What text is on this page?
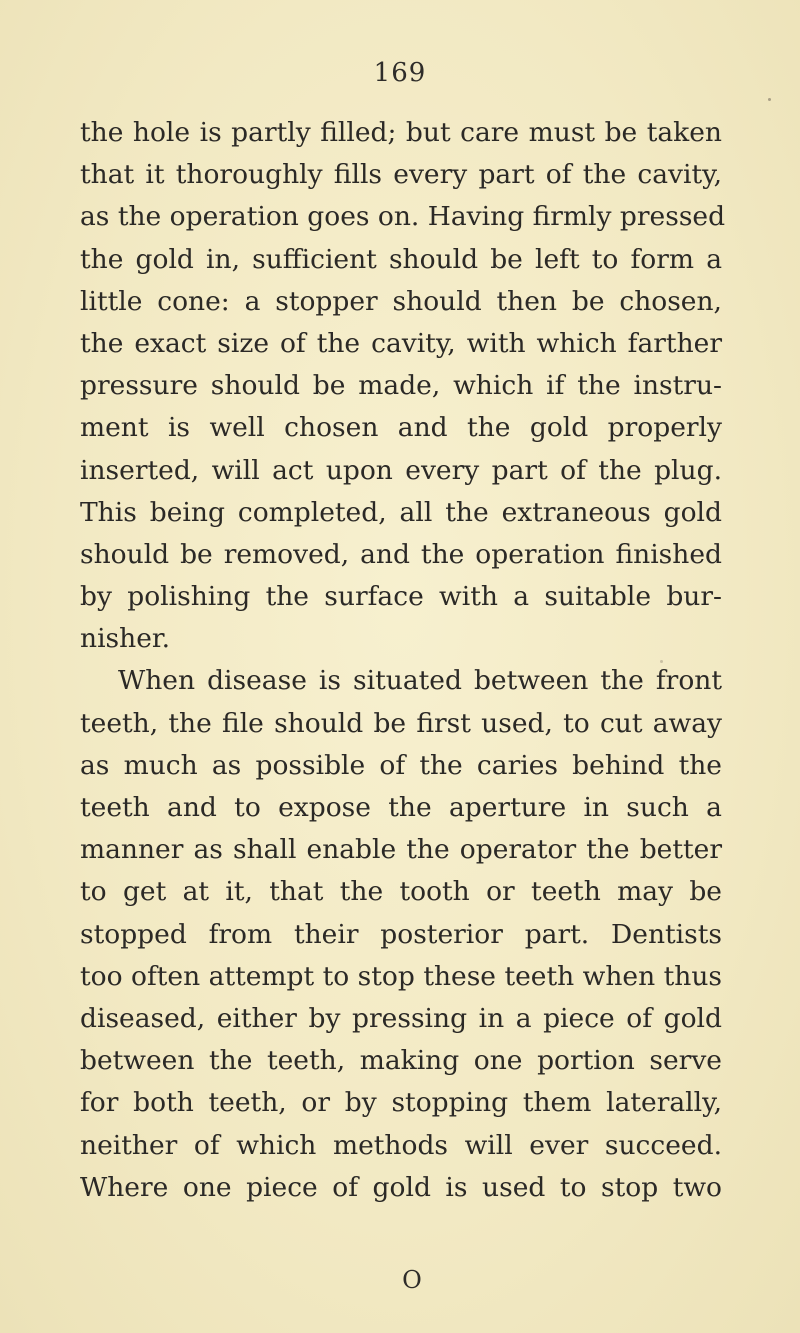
169
the hole is partly filled; but care must be taken
that it thoroughly fills every part of the cavity,
as the operation goes on. Having firmly pressed
the gold in, sufficient should be left to form a
little cone: a stopper should then be chosen,
the exact size of the cavity, with which farther
pressure should be made, which if the instru-
ment is well chosen and the gold properly
inserted, will act upon every part of the plug.
This being completed, all the extraneous gold
should be removed, and the operation finished
by polishing the surface with a suitable bur-
nisher.
When disease is situated between the front
teeth, the file should be first used, to cut away
as much as possible of the caries behind the
teeth and to expose the aperture in such a
manner as shall enable the operator the better
to get at it, that the tooth or teeth may be
stopped from their posterior part. Dentists
too often attempt to stop these teeth when thus
diseased, either by pressing in a piece of gold
between the teeth, making one portion serve
for both teeth, or by stopping them laterally,
neither of which methods will ever succeed.
Where one piece of gold is used to stop two
O
